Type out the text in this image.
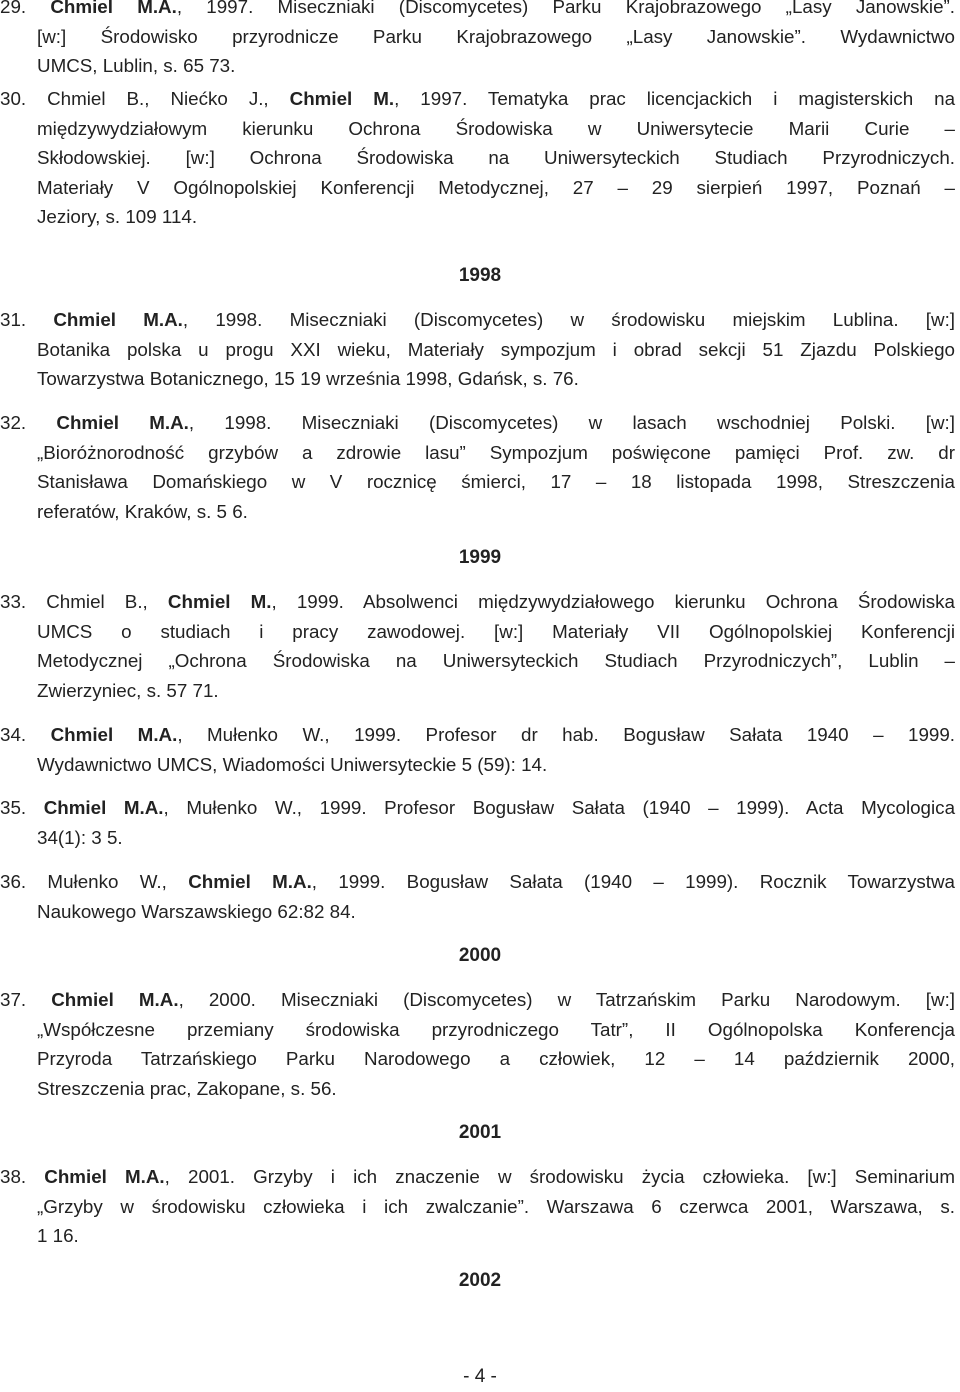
29. Chmiel M.A., 1997. Miseczniaki (Discomycetes) Parku Krajobrazowego „Lasy Janowskie”.
[w:] Środowisko przyrodnicze Parku Krajobrazowego „Lasy Janowskie”. Wydawnictwo
UMCS, Lublin, s. 65 73.
30. Chmiel B., Niećko J., Chmiel M., 1997. Tematyka prac licencjackich i magisterskich na
międzywydziałowym kierunku Ochrona Środowiska w Uniwersytecie Marii Curie –
Skłodowskiej. [w:] Ochrona Środowiska na Uniwersyteckich Studiach Przyrodniczych.
Materiały V Ogólnopolskiej Konferencji Metodycznej, 27 – 29 sierpień 1997, Poznań –
Jeziory, s. 109 114.
31. Chmiel M.A., 1998. Miseczniaki (Discomycetes) w środowisku miejskim Lublina. [w:]
Botanika polska u progu XXI wieku, Materiały sympozjum i obrad sekcji 51 Zjazdu Polskiego
Towarzystwa Botanicznego, 15 19 września 1998, Gdańsk, s. 76.
32. Chmiel M.A., 1998. Miseczniaki (Discomycetes) w lasach wschodniej Polski. [w:]
„Bioróżnorodność grzybów a zdrowie lasu” Sympozjum poświęcone pamięci Prof. zw. dr
Stanisława Domańskiego w V rocznicę śmierci, 17 – 18 listopada 1998, Streszczenia
referatów, Kraków, s. 5 6.
33. Chmiel B., Chmiel M., 1999. Absolwenci międzywydziałowego kierunku Ochrona Środowiska
UMCS o studiach i pracy zawodowej. [w:] Materiały VII Ogólnopolskiej Konferencji
Metodycznej „Ochrona Środowiska na Uniwersyteckich Studiach Przyrodniczych”, Lublin –
Zwierzyniec, s. 57 71.
34. Chmiel M.A., Mułenko W., 1999. Profesor dr hab. Bogusław Sałata 1940 – 1999.
Wydawnictwo UMCS, Wiadomości Uniwersyteckie 5 (59): 14.
35. Chmiel M.A., Mułenko W., 1999. Profesor Bogusław Sałata (1940 – 1999). Acta Mycologica
34(1): 3 5.
36. Mułenko W., Chmiel M.A., 1999. Bogusław Sałata (1940 – 1999). Rocznik Towarzystwa
Naukowego Warszawskiego 62:82 84.
37. Chmiel M.A., 2000. Miseczniaki (Discomycetes) w Tatrzańskim Parku Narodowym. [w:]
„Współczesne przemiany środowiska przyrodniczego Tatr”, II Ogólnopolska Konferencja
Przyroda Tatrzańskiego Parku Narodowego a człowiek, 12 – 14 październik 2000,
Streszczenia prac, Zakopane, s. 56.
38. Chmiel M.A., 2001. Grzyby i ich znaczenie w środowisku życia człowieka. [w:] Seminarium
„Grzyby w środowisku człowieka i ich zwalczanie”. Warszawa 6 czerwca 2001, Warszawa, s.
1 16.
1998
1999
2000
2001
2002
- 4 -
